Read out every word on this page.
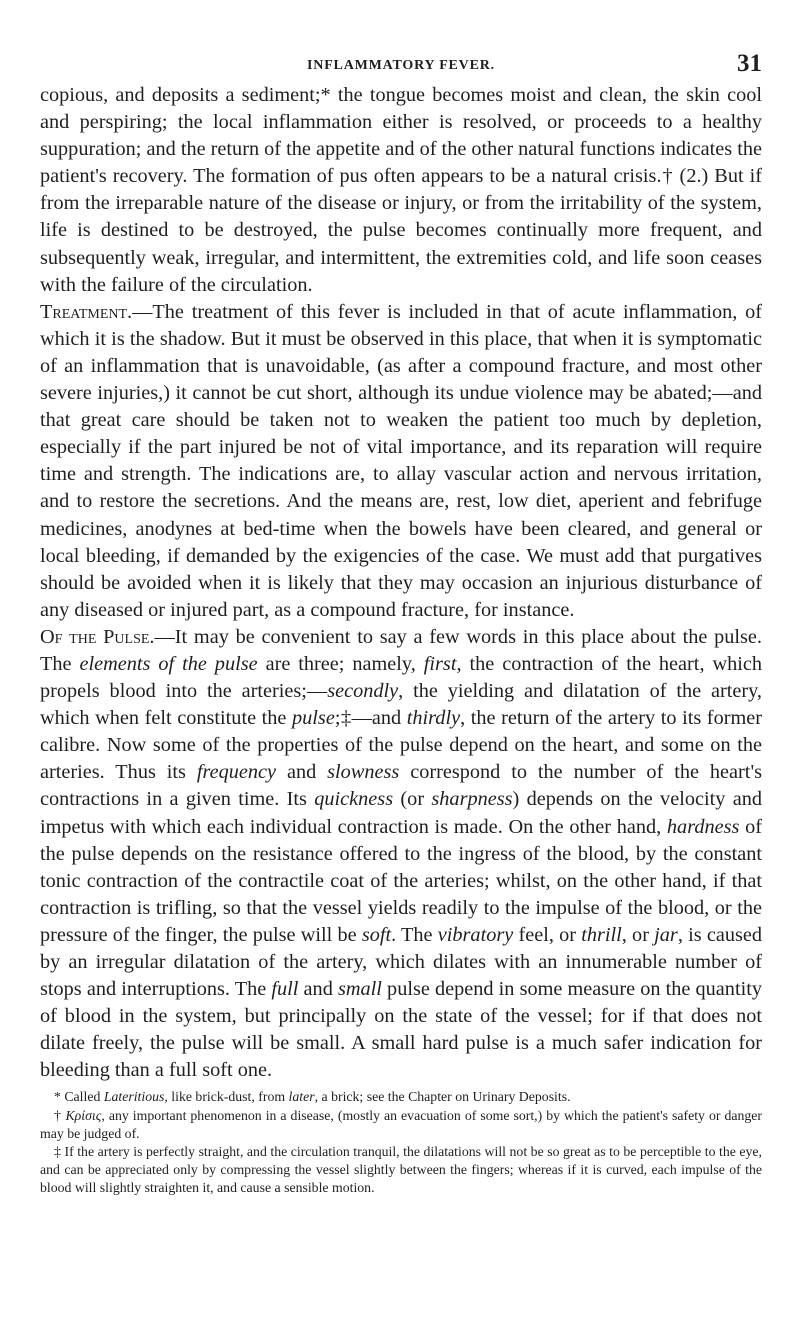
INFLAMMATORY FEVER.	31

copious, and deposits a sediment;* the tongue becomes moist and clean, the skin cool and perspiring; the local inflammation either is resolved, or proceeds to a healthy suppuration; and the return of the appetite and of the other natural functions indicates the patient's recovery. The formation of pus often appears to be a natural crisis.† (2.) But if from the irreparable nature of the disease or injury, or from the irritability of the system, life is destined to be destroyed, the pulse becomes continually more frequent, and subsequently weak, irregular, and intermittent, the extremities cold, and life soon ceases with the failure of the circulation.

Treatment.—The treatment of this fever is included in that of acute inflammation, of which it is the shadow. But it must be observed in this place, that when it is symptomatic of an inflammation that is unavoidable, (as after a compound fracture, and most other severe injuries,) it cannot be cut short, although its undue violence may be abated;—and that great care should be taken not to weaken the patient too much by depletion, especially if the part injured be not of vital importance, and its reparation will require time and strength. The indications are, to allay vascular action and nervous irritation, and to restore the secretions. And the means are, rest, low diet, aperient and febrifuge medicines, anodynes at bed-time when the bowels have been cleared, and general or local bleeding, if demanded by the exigencies of the case. We must add that purgatives should be avoided when it is likely that they may occasion an injurious disturbance of any diseased or injured part, as a compound fracture, for instance.

Of the Pulse.—It may be convenient to say a few words in this place about the pulse. The elements of the pulse are three; namely, first, the contraction of the heart, which propels blood into the arteries;—secondly, the yielding and dilatation of the artery, which when felt constitute the pulse;‡—and thirdly, the return of the artery to its former calibre. Now some of the properties of the pulse depend on the heart, and some on the arteries. Thus its frequency and slowness correspond to the number of the heart's contractions in a given time. Its quickness (or sharpness) depends on the velocity and impetus with which each individual contraction is made. On the other hand, hardness of the pulse depends on the resistance offered to the ingress of the blood, by the constant tonic contraction of the contractile coat of the arteries; whilst, on the other hand, if that contraction is trifling, so that the vessel yields readily to the impulse of the blood, or the pressure of the finger, the pulse will be soft. The vibratory feel, or thrill, or jar, is caused by an irregular dilatation of the artery, which dilates with an innumerable number of stops and interruptions. The full and small pulse depend in some measure on the quantity of blood in the system, but principally on the state of the vessel; for if that does not dilate freely, the pulse will be small. A small hard pulse is a much safer indication for bleeding than a full soft one.

* Called Lateritious, like brick-dust, from later, a brick; see the Chapter on Urinary Deposits.

† Κρίσις, any important phenomenon in a disease, (mostly an evacuation of some sort,) by which the patient's safety or danger may be judged of.

‡ If the artery is perfectly straight, and the circulation tranquil, the dilatations will not be so great as to be perceptible to the eye, and can be appreciated only by compressing the vessel slightly between the fingers; whereas if it is curved, each impulse of the blood will slightly straighten it, and cause a sensible motion.
